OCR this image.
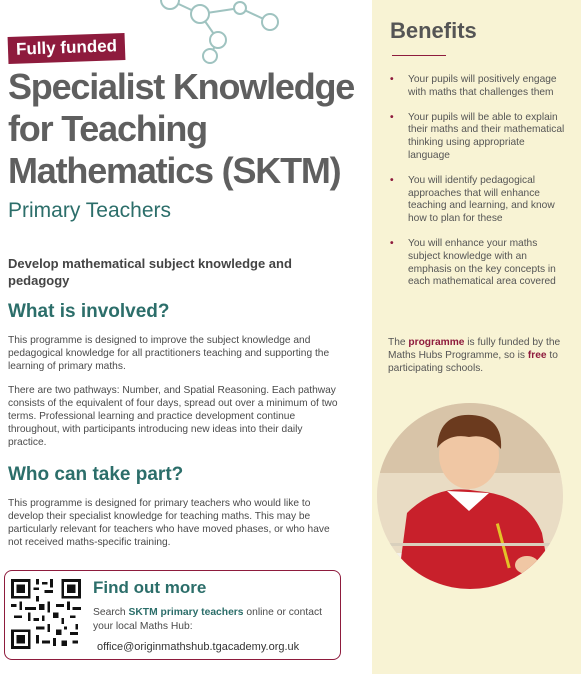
Fully funded
Specialist Knowledge
for Teaching
Mathematics (SKTM)
Primary Teachers
Develop mathematical subject knowledge and pedagogy
What is involved?
This programme is designed to improve the subject knowledge and pedagogical knowledge for all practitioners teaching and supporting the learning of primary maths.
There are two pathways: Number, and Spatial Reasoning. Each pathway consists of the equivalent of four days, spread out over a minimum of two terms. Professional learning and practice development continue throughout, with participants introducing new ideas into their daily practice.
Who can take part?
This programme is designed for primary teachers who would like to develop their specialist knowledge for teaching maths. This may be particularly relevant for teachers who have moved phases, or who have not received maths-specific training.
Find out more
Search SKTM primary teachers online or contact your local Maths Hub:
office@originmathshub.tgacademy.org.uk
Benefits
• Your pupils will positively engage with maths that challenges them
• Your pupils will be able to explain their maths and their mathematical thinking using appropriate language
• You will identify pedagogical approaches that will enhance teaching and learning, and know how to plan for these
• You will enhance your maths subject knowledge with an emphasis on the key concepts in each mathematical area covered
The programme is fully funded by the Maths Hubs Programme, so is free to participating schools.
